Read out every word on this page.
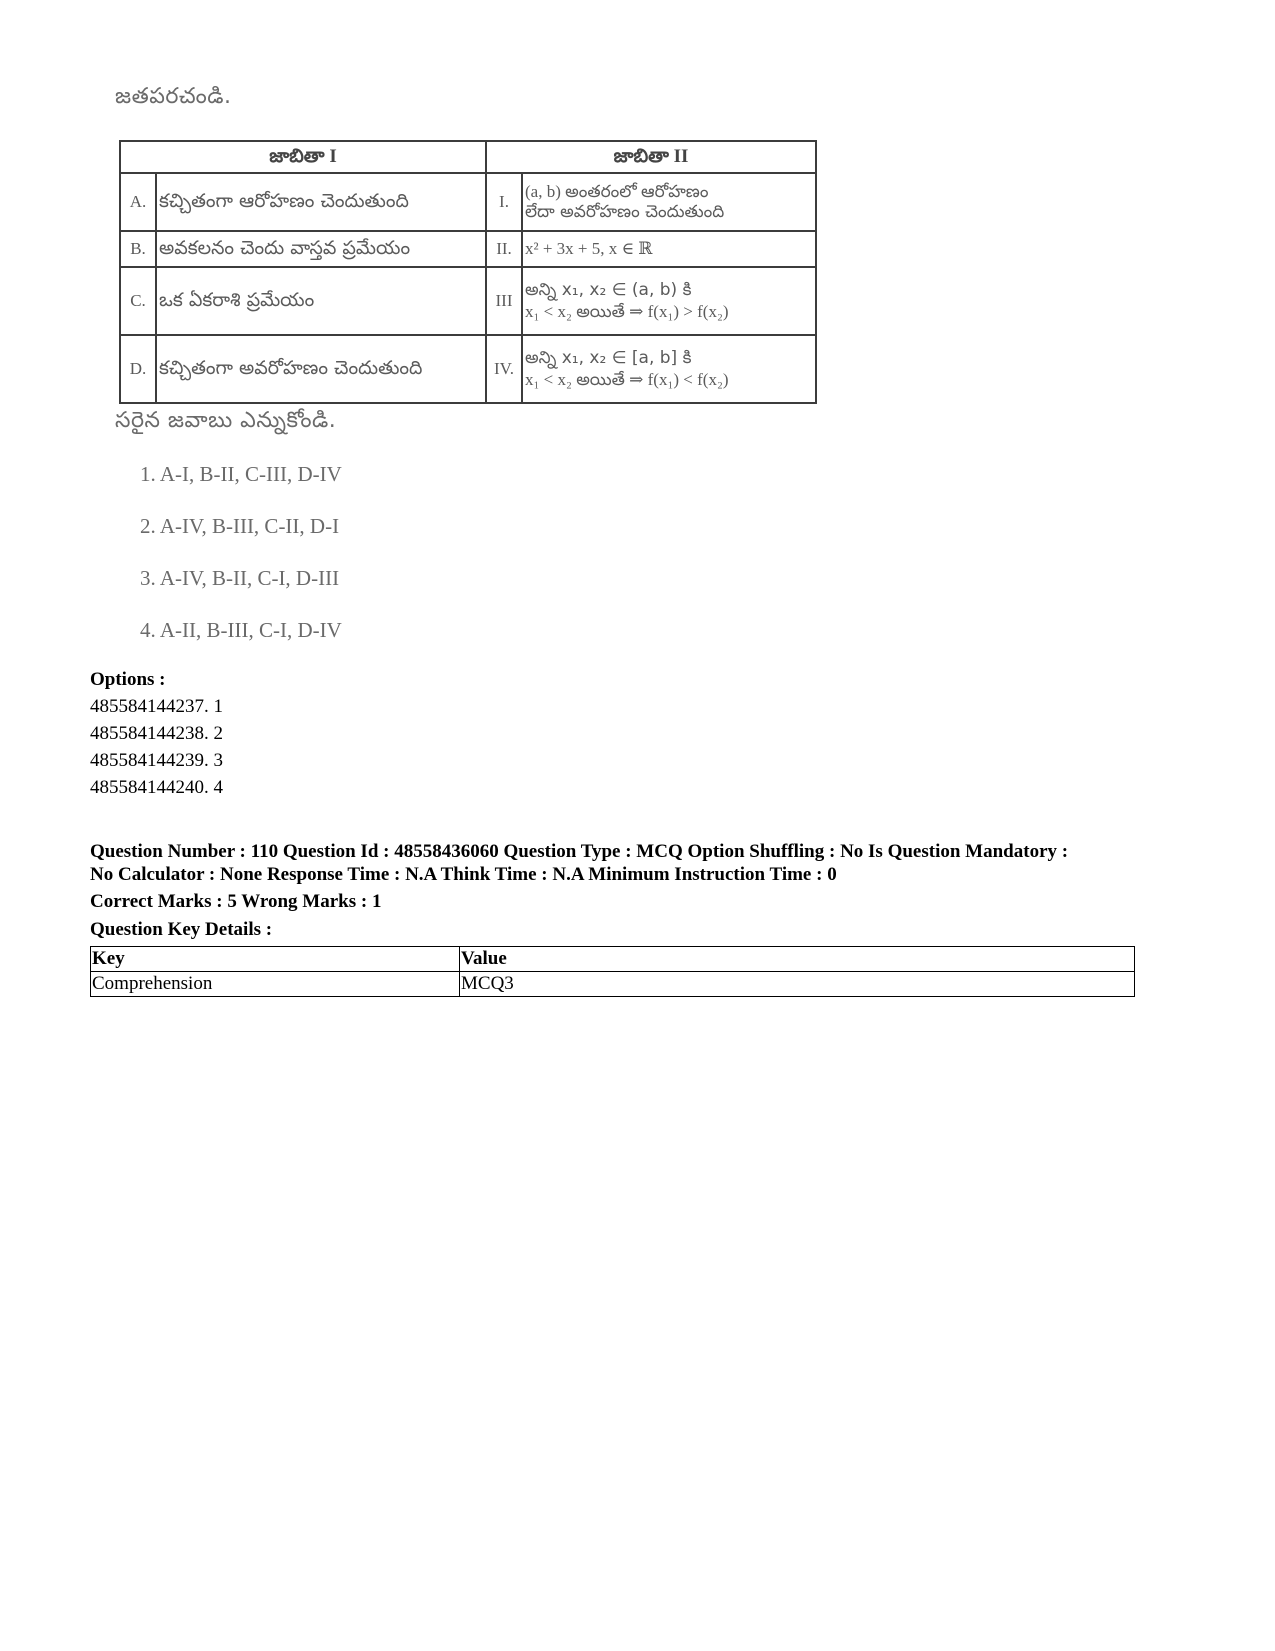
జతపరచండి.
జాబితా I		జాబితా II	
A.	కచ్చితంగా ఆరోహణం చెందుతుంది	I.	(a, b) అంతరంలో ఆరోహణం
లేదా అవరోహణం చెందుతుంది

B.	అవకలనం చెందు వాస్తవ ప్రమేయం	II.	x² + 3x + 5, x ∈ ℝ

C.	ఒక ఏకరాశి ప్రమేయం	III	అన్ని x₁, x₂ ∈ (a, b) కి
x₁ < x₂ అయితే ⇒ f(x₁) > f(x₂)

D.	కచ్చితంగా అవరోహణం చెందుతుంది	IV.	అన్ని x₁, x₂ ∈ [a, b] కి
x₁ < x₂ అయితే ⇒ f(x₁) < f(x₂)
సరైన జవాబు ఎన్నుకోండి.
1. A-I, B-II, C-III, D-IV
2. A-IV, B-III, C-II, D-I
3. A-IV, B-II, C-I, D-III
4. A-II, B-III, C-I, D-IV

Options :

485584144237. 1
485584144238. 2
485584144239. 3
485584144240. 4
Question Number : 110 Question Id : 48558436060 Question Type : MCQ Option Shuffling : No Is Question Mandatory :
No Calculator : None Response Time : N.A Think Time : N.A Minimum Instruction Time : 0

Correct Marks : 5 Wrong Marks : 1

Question Key Details :

Key	Value
Comprehension	MCQ3
